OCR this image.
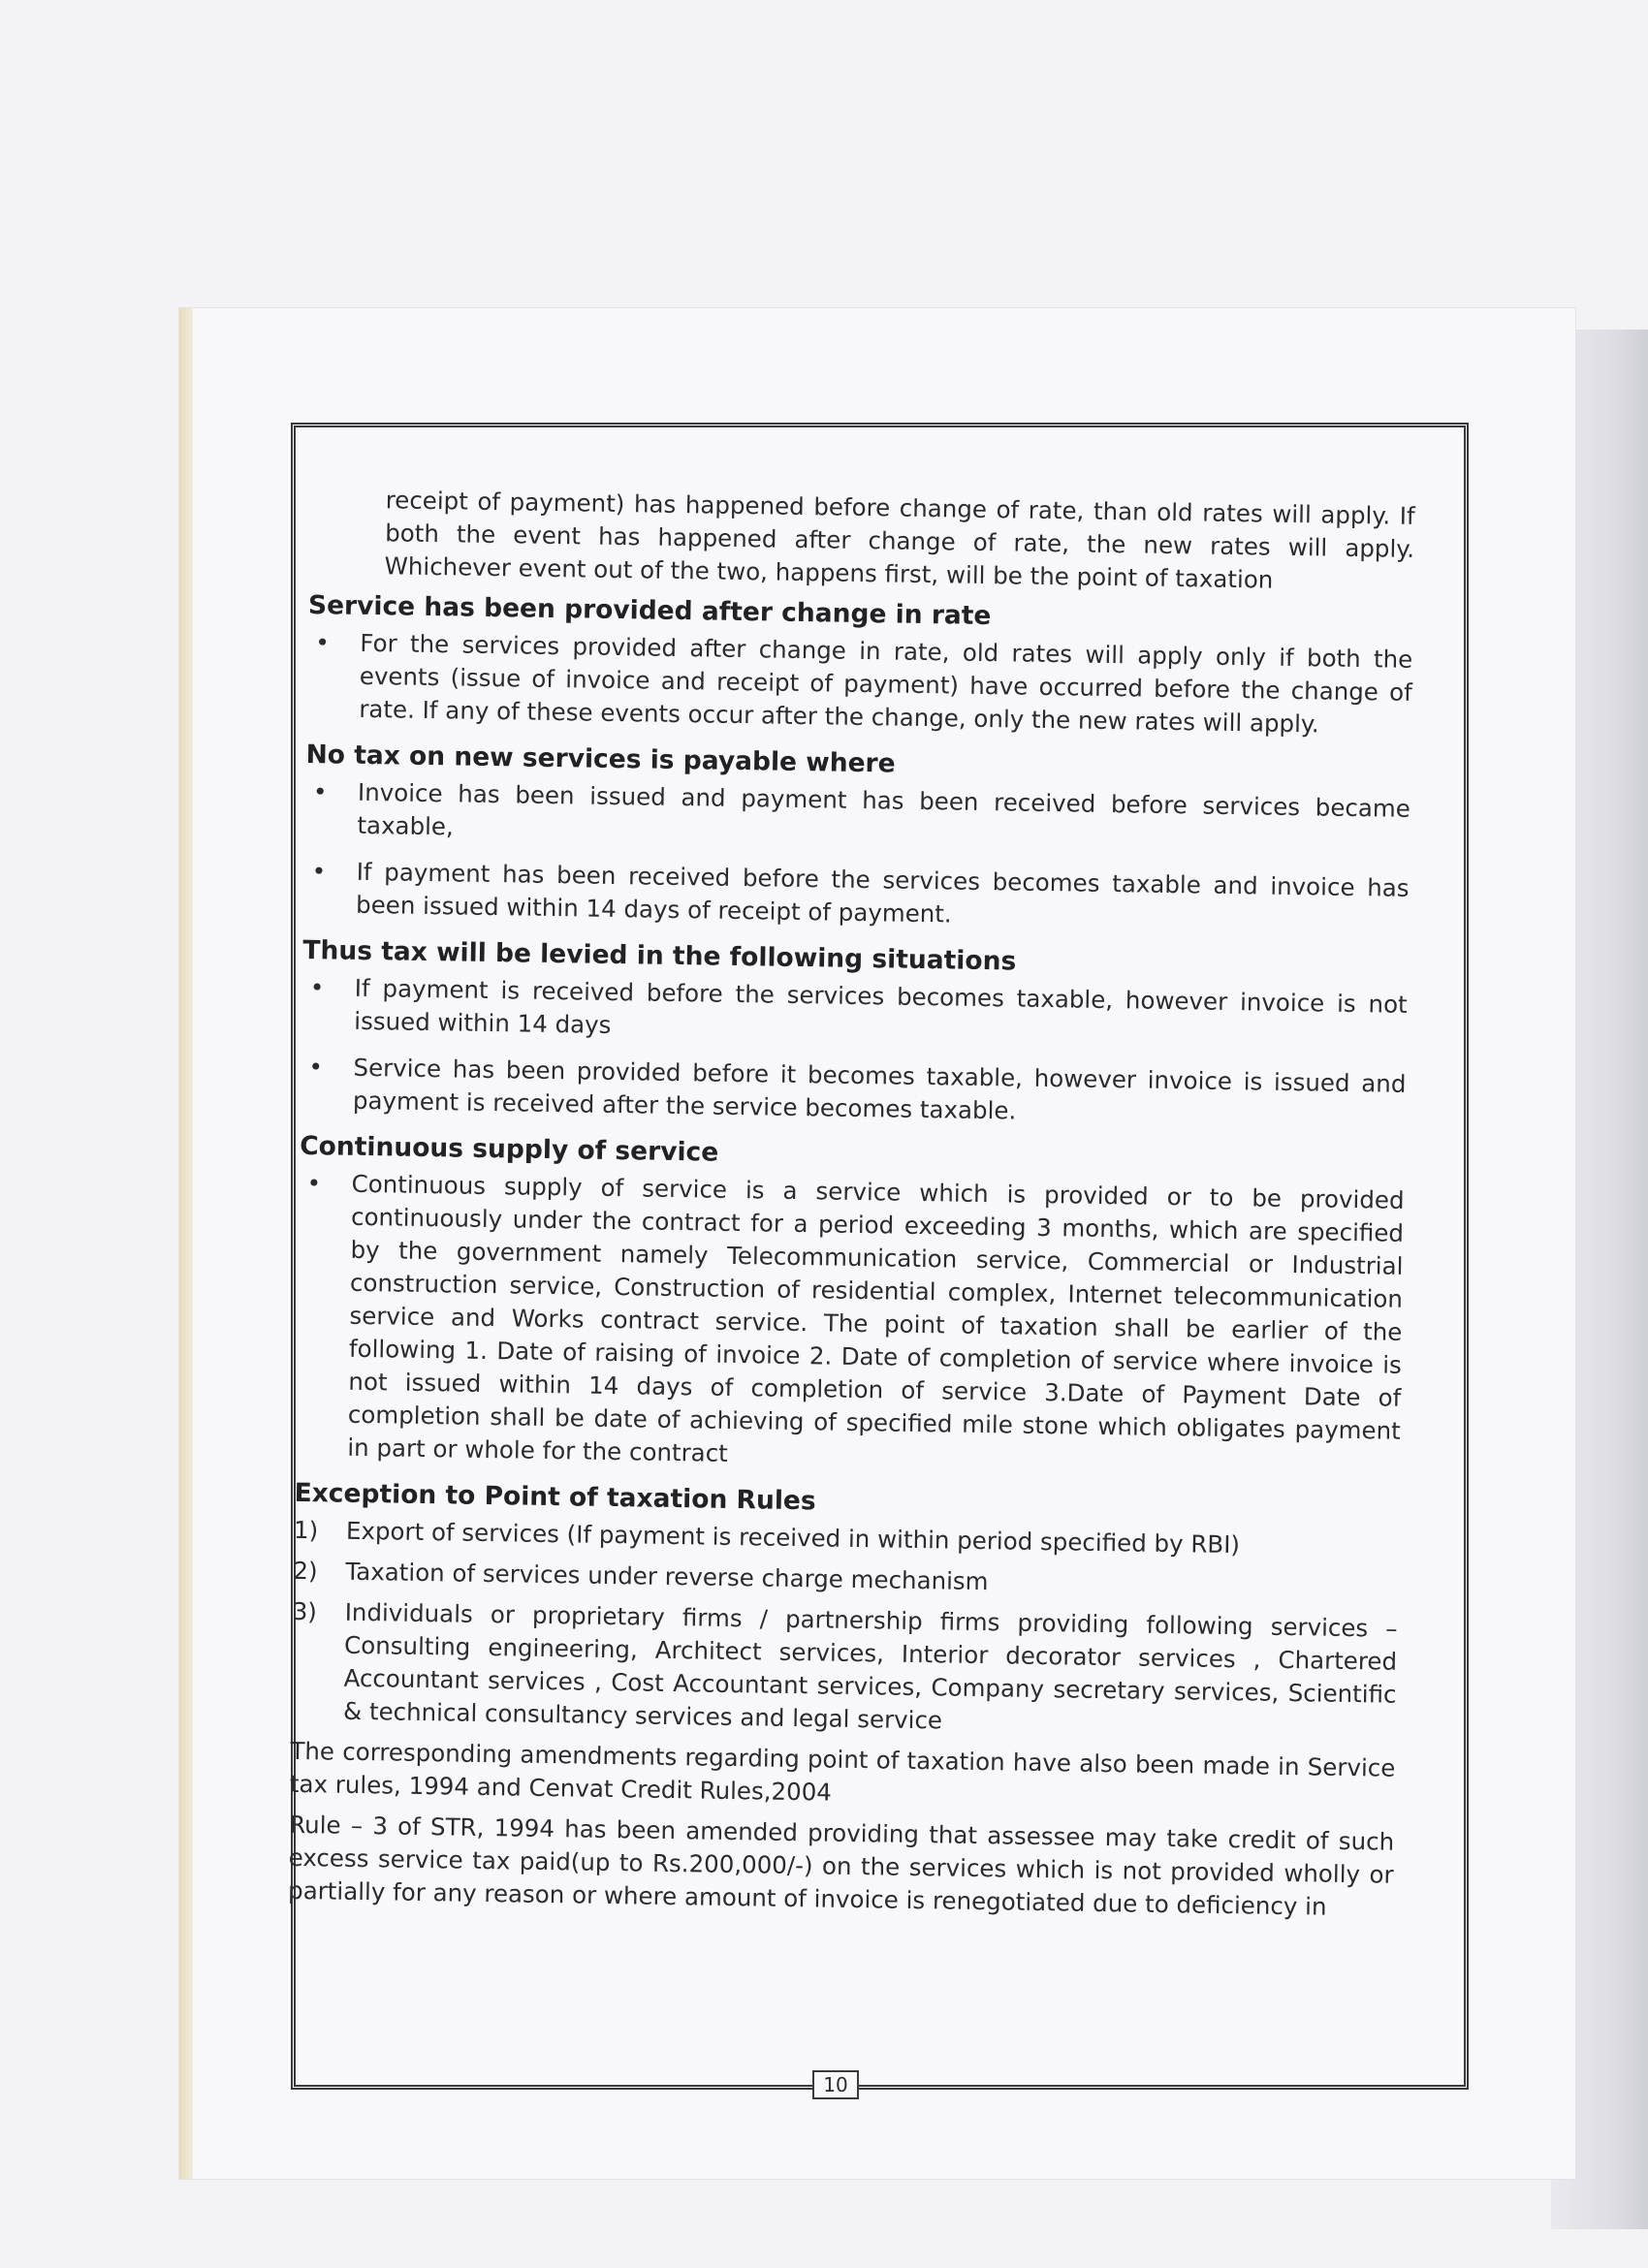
receipt of payment) has happened before change of rate, than old rates will apply. If both the event has happened after change of rate, the new rates will apply. Whichever event out of the two, happens first, will be the point of taxation

Service has been provided after change in rate
• For the services provided after change in rate, old rates will apply only if both the events (issue of invoice and receipt of payment) have occurred before the change of rate. If any of these events occur after the change, only the new rates will apply.
No tax on new services is payable where
• Invoice has been issued and payment has been received before services became taxable,
• If payment has been received before the services becomes taxable and invoice has been issued within 14 days of receipt of payment.
Thus tax will be levied in the following situations
• If payment is received before the services becomes taxable, however invoice is not issued within 14 days
• Service has been provided before it becomes taxable, however invoice is issued and payment is received after the service becomes taxable.
Continuous supply of service
• Continuous supply of service is a service which is provided or to be provided continuously under the contract for a period exceeding 3 months, which are specified by the government namely Telecommunication service, Commercial or Industrial construction service, Construction of residential complex, Internet telecommunication service and Works contract service. The point of taxation shall be earlier of the following 1. Date of raising of invoice 2. Date of completion of service where invoice is not issued within 14 days of completion of service 3.Date of Payment Date of completion shall be date of achieving of specified mile stone which obligates payment in part or whole for the contract
Exception to Point of taxation Rules
1) Export of services (If payment is received in within period specified by RBI)
2) Taxation of services under reverse charge mechanism
3) Individuals or proprietary firms / partnership firms providing following services – Consulting engineering, Architect services, Interior decorator services , Chartered Accountant services , Cost Accountant services, Company secretary services, Scientific & technical consultancy services and legal service

The corresponding amendments regarding point of taxation have also been made in Service tax rules, 1994 and Cenvat Credit Rules,2004

Rule – 3 of STR, 1994 has been amended providing that assessee may take credit of such excess service tax paid(up to Rs.200,000/-) on the services which is not provided wholly or partially for any reason or where amount of invoice is renegotiated due to deficiency in

10
